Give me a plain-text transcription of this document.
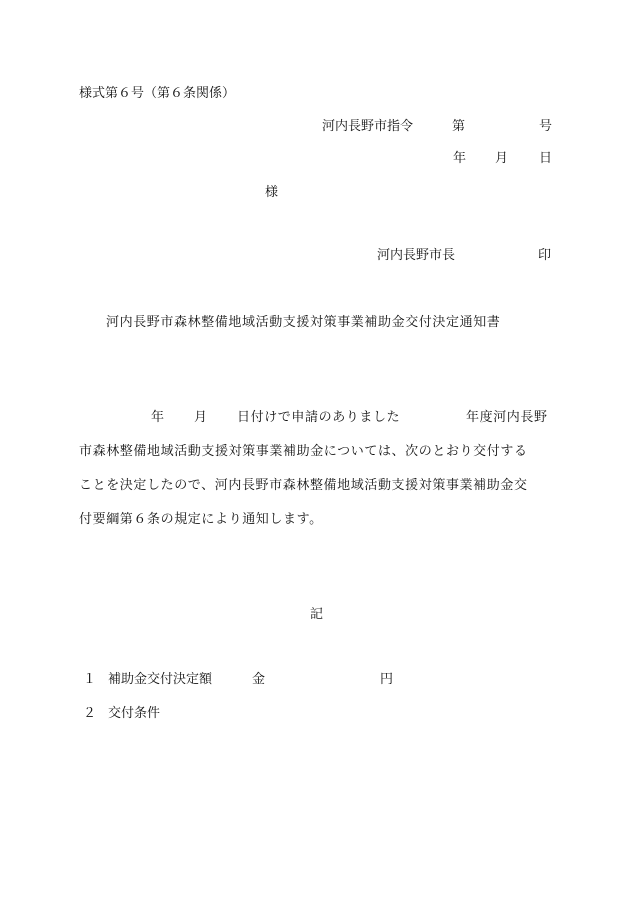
様式第６号（第６条関係）
河内長野市指令	第	号
年 月 日
様
河内長野市長	印
河内長野市森林整備地域活動支援対策事業補助金交付決定通知書
年 月 日付けで申請のありました	年度河内長野
市森林整備地域活動支援対策事業補助金については、次のとおり交付する
ことを決定したので、河内長野市森林整備地域活動支援対策事業補助金交
付要綱第６条の規定により通知します。
記
１ 補助金交付決定額	金	円
２ 交付条件
